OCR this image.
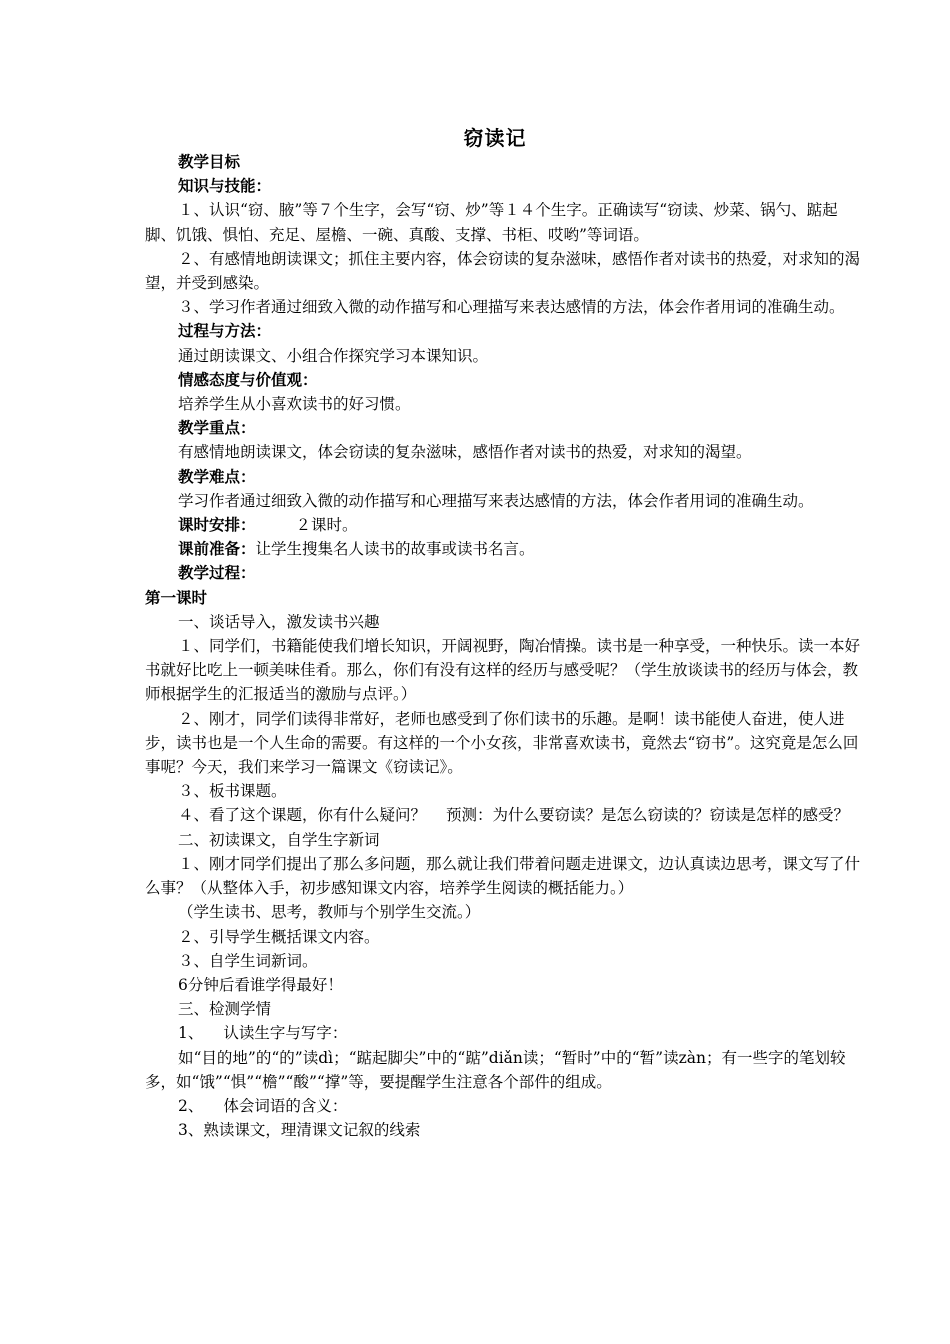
窃读记

教学目标

知识与技能：

１、认识“窃、腋”等７个生字，会写“窃、炒”等１４个生字。正确读写“窃读、炒菜、锅勺、踮起脚、饥饿、惧怕、充足、屋檐、一碗、真酸、支撑、书柜、哎哟”等词语。

２、有感情地朗读课文；抓住主要内容，体会窃读的复杂滋味，感悟作者对读书的热爱，对求知的渴望，并受到感染。

３、学习作者通过细致入微的动作描写和心理描写来表达感情的方法，体会作者用词的准确生动。

过程与方法：

通过朗读课文、小组合作探究学习本课知识。

情感态度与价值观：

培养学生从小喜欢读书的好习惯。

教学重点：

有感情地朗读课文，体会窃读的复杂滋味，感悟作者对读书的热爱，对求知的渴望。

教学难点：

学习作者通过细致入微的动作描写和心理描写来表达感情的方法，体会作者用词的准确生动。

课时安排：	２课时。

课前准备：让学生搜集名人读书的故事或读书名言。

教学过程：

第一课时

一、谈话导入，激发读书兴趣

１、同学们，书籍能使我们增长知识，开阔视野，陶冶情操。读书是一种享受，一种快乐。读一本好书就好比吃上一顿美味佳肴。那么，你们有没有这样的经历与感受呢？（学生放谈读书的经历与体会，教师根据学生的汇报适当的激励与点评。）

２、刚才，同学们读得非常好，老师也感受到了你们读书的乐趣。是啊！读书能使人奋进，使人进步，读书也是一个人生命的需要。有这样的一个小女孩，非常喜欢读书，竟然去“窃书”。这究竟是怎么回事呢？今天，我们来学习一篇课文《窃读记》。

３、板书课题。

４、看了这个课题，你有什么疑问？ 预测：为什么要窃读？是怎么窃读的？窃读是怎样的感受？

二、初读课文，自学生字新词

１、刚才同学们提出了那么多问题，那么就让我们带着问题走进课文，边认真读边思考，课文写了什么事？（从整体入手，初步感知课文内容，培养学生阅读的概括能力。）

（学生读书、思考，教师与个别学生交流。）

２、引导学生概括课文内容。

３、自学生词新词。

6分钟后看谁学得最好！

三、检测学情

1、 认读生字与写字：

如“目的地”的“的”读dì；“踮起脚尖”中的“踮”diǎn读；“暂时”中的“暂”读zàn；有一些字的笔划较多，如“饿”“惧”“檐”“酸”“撑”等，要提醒学生注意各个部件的组成。

2、 体会词语的含义：

3、熟读课文，理清课文记叙的线索
